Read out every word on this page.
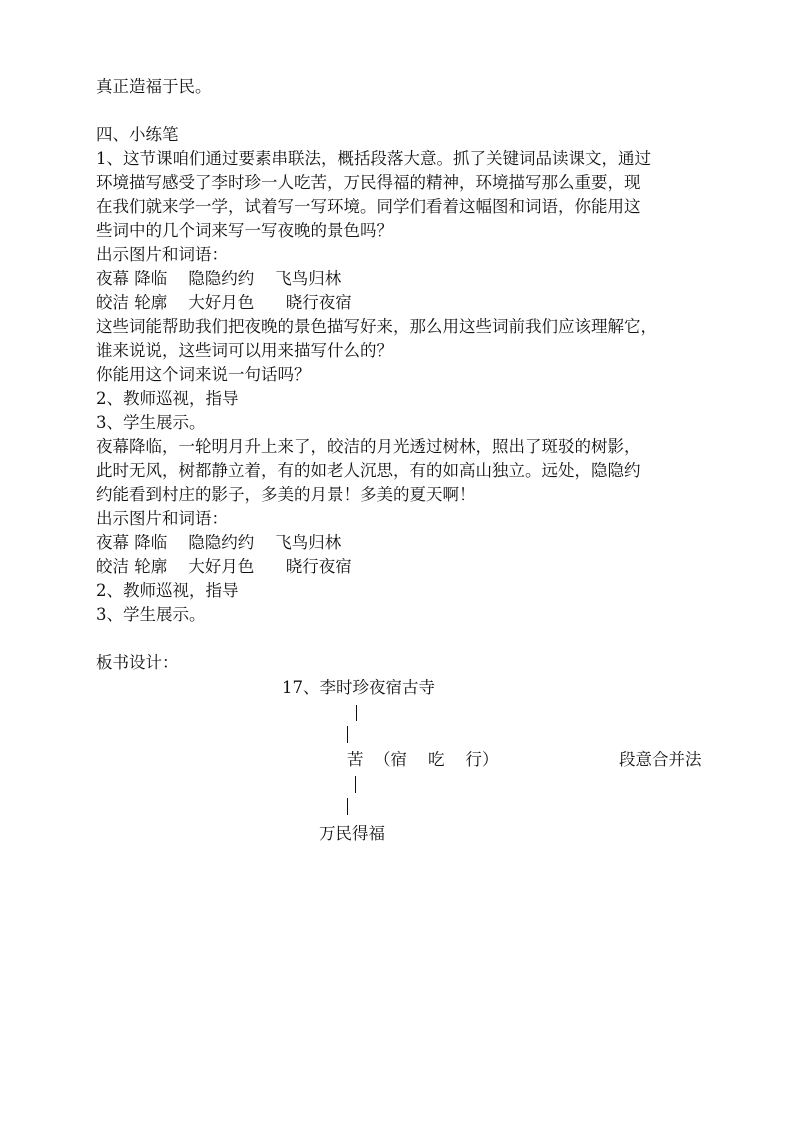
真正造福于民。
四、小练笔
1、这节课咱们通过要素串联法，概括段落大意。抓了关键词品读课文，通过
环境描写感受了李时珍一人吃苦，万民得福的精神，环境描写那么重要，现
在我们就来学一学，试着写一写环境。同学们看着这幅图和词语，你能用这
些词中的几个词来写一写夜晚的景色吗？
出示图片和词语：
夜幕 降临    隐隐约约    飞鸟归林
皎洁 轮廓    大好月色      晓行夜宿
这些词能帮助我们把夜晚的景色描写好来，那么用这些词前我们应该理解它，
谁来说说，这些词可以用来描写什么的？
你能用这个词来说一句话吗？
2、教师巡视，指导
3、学生展示。
夜幕降临，一轮明月升上来了，皎洁的月光透过树林，照出了斑驳的树影，
此时无风，树都静立着，有的如老人沉思，有的如高山独立。远处，隐隐约
约能看到村庄的影子，多美的月景！多美的夏天啊！
出示图片和词语：
夜幕 降临    隐隐约约    飞鸟归林
皎洁 轮廓    大好月色      晓行夜宿
2、教师巡视，指导
3、学生展示。
板书设计：
17、李时珍夜宿古寺
苦  （宿    吃    行）	段意合并法
万民得福
